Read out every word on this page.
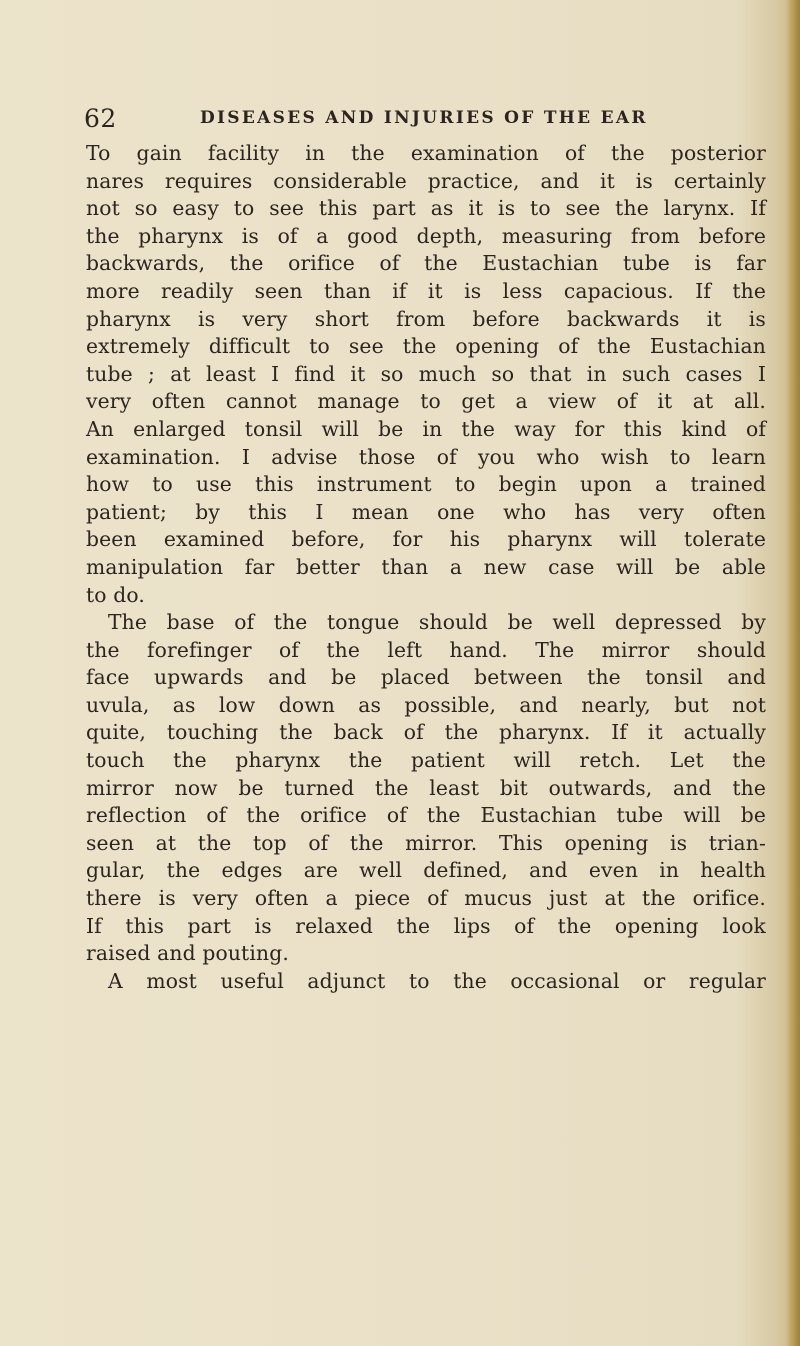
62	DISEASES AND INJURIES OF THE EAR
To gain facility in the examination of the posterior
nares requires considerable practice, and it is certainly
not so easy to see this part as it is to see the larynx. If
the pharynx is of a good depth, measuring from before
backwards, the orifice of the Eustachian tube is far
more readily seen than if it is less capacious. If the
pharynx is very short from before backwards it is
extremely difficult to see the opening of the Eustachian
tube ; at least I find it so much so that in such cases I
very often cannot manage to get a view of it at all.
An enlarged tonsil will be in the way for this kind of
examination. I advise those of you who wish to learn
how to use this instrument to begin upon a trained
patient; by this I mean one who has very often
been examined before, for his pharynx will tolerate
manipulation far better than a new case will be able
to do.
The base of the tongue should be well depressed by
the forefinger of the left hand. The mirror should
face upwards and be placed between the tonsil and
uvula, as low down as possible, and nearly, but not
quite, touching the back of the pharynx. If it actually
touch the pharynx the patient will retch. Let the
mirror now be turned the least bit outwards, and the
reflection of the orifice of the Eustachian tube will be
seen at the top of the mirror. This opening is trian-
gular, the edges are well defined, and even in health
there is very often a piece of mucus just at the orifice.
If this part is relaxed the lips of the opening look
raised and pouting.
A most useful adjunct to the occasional or regular
